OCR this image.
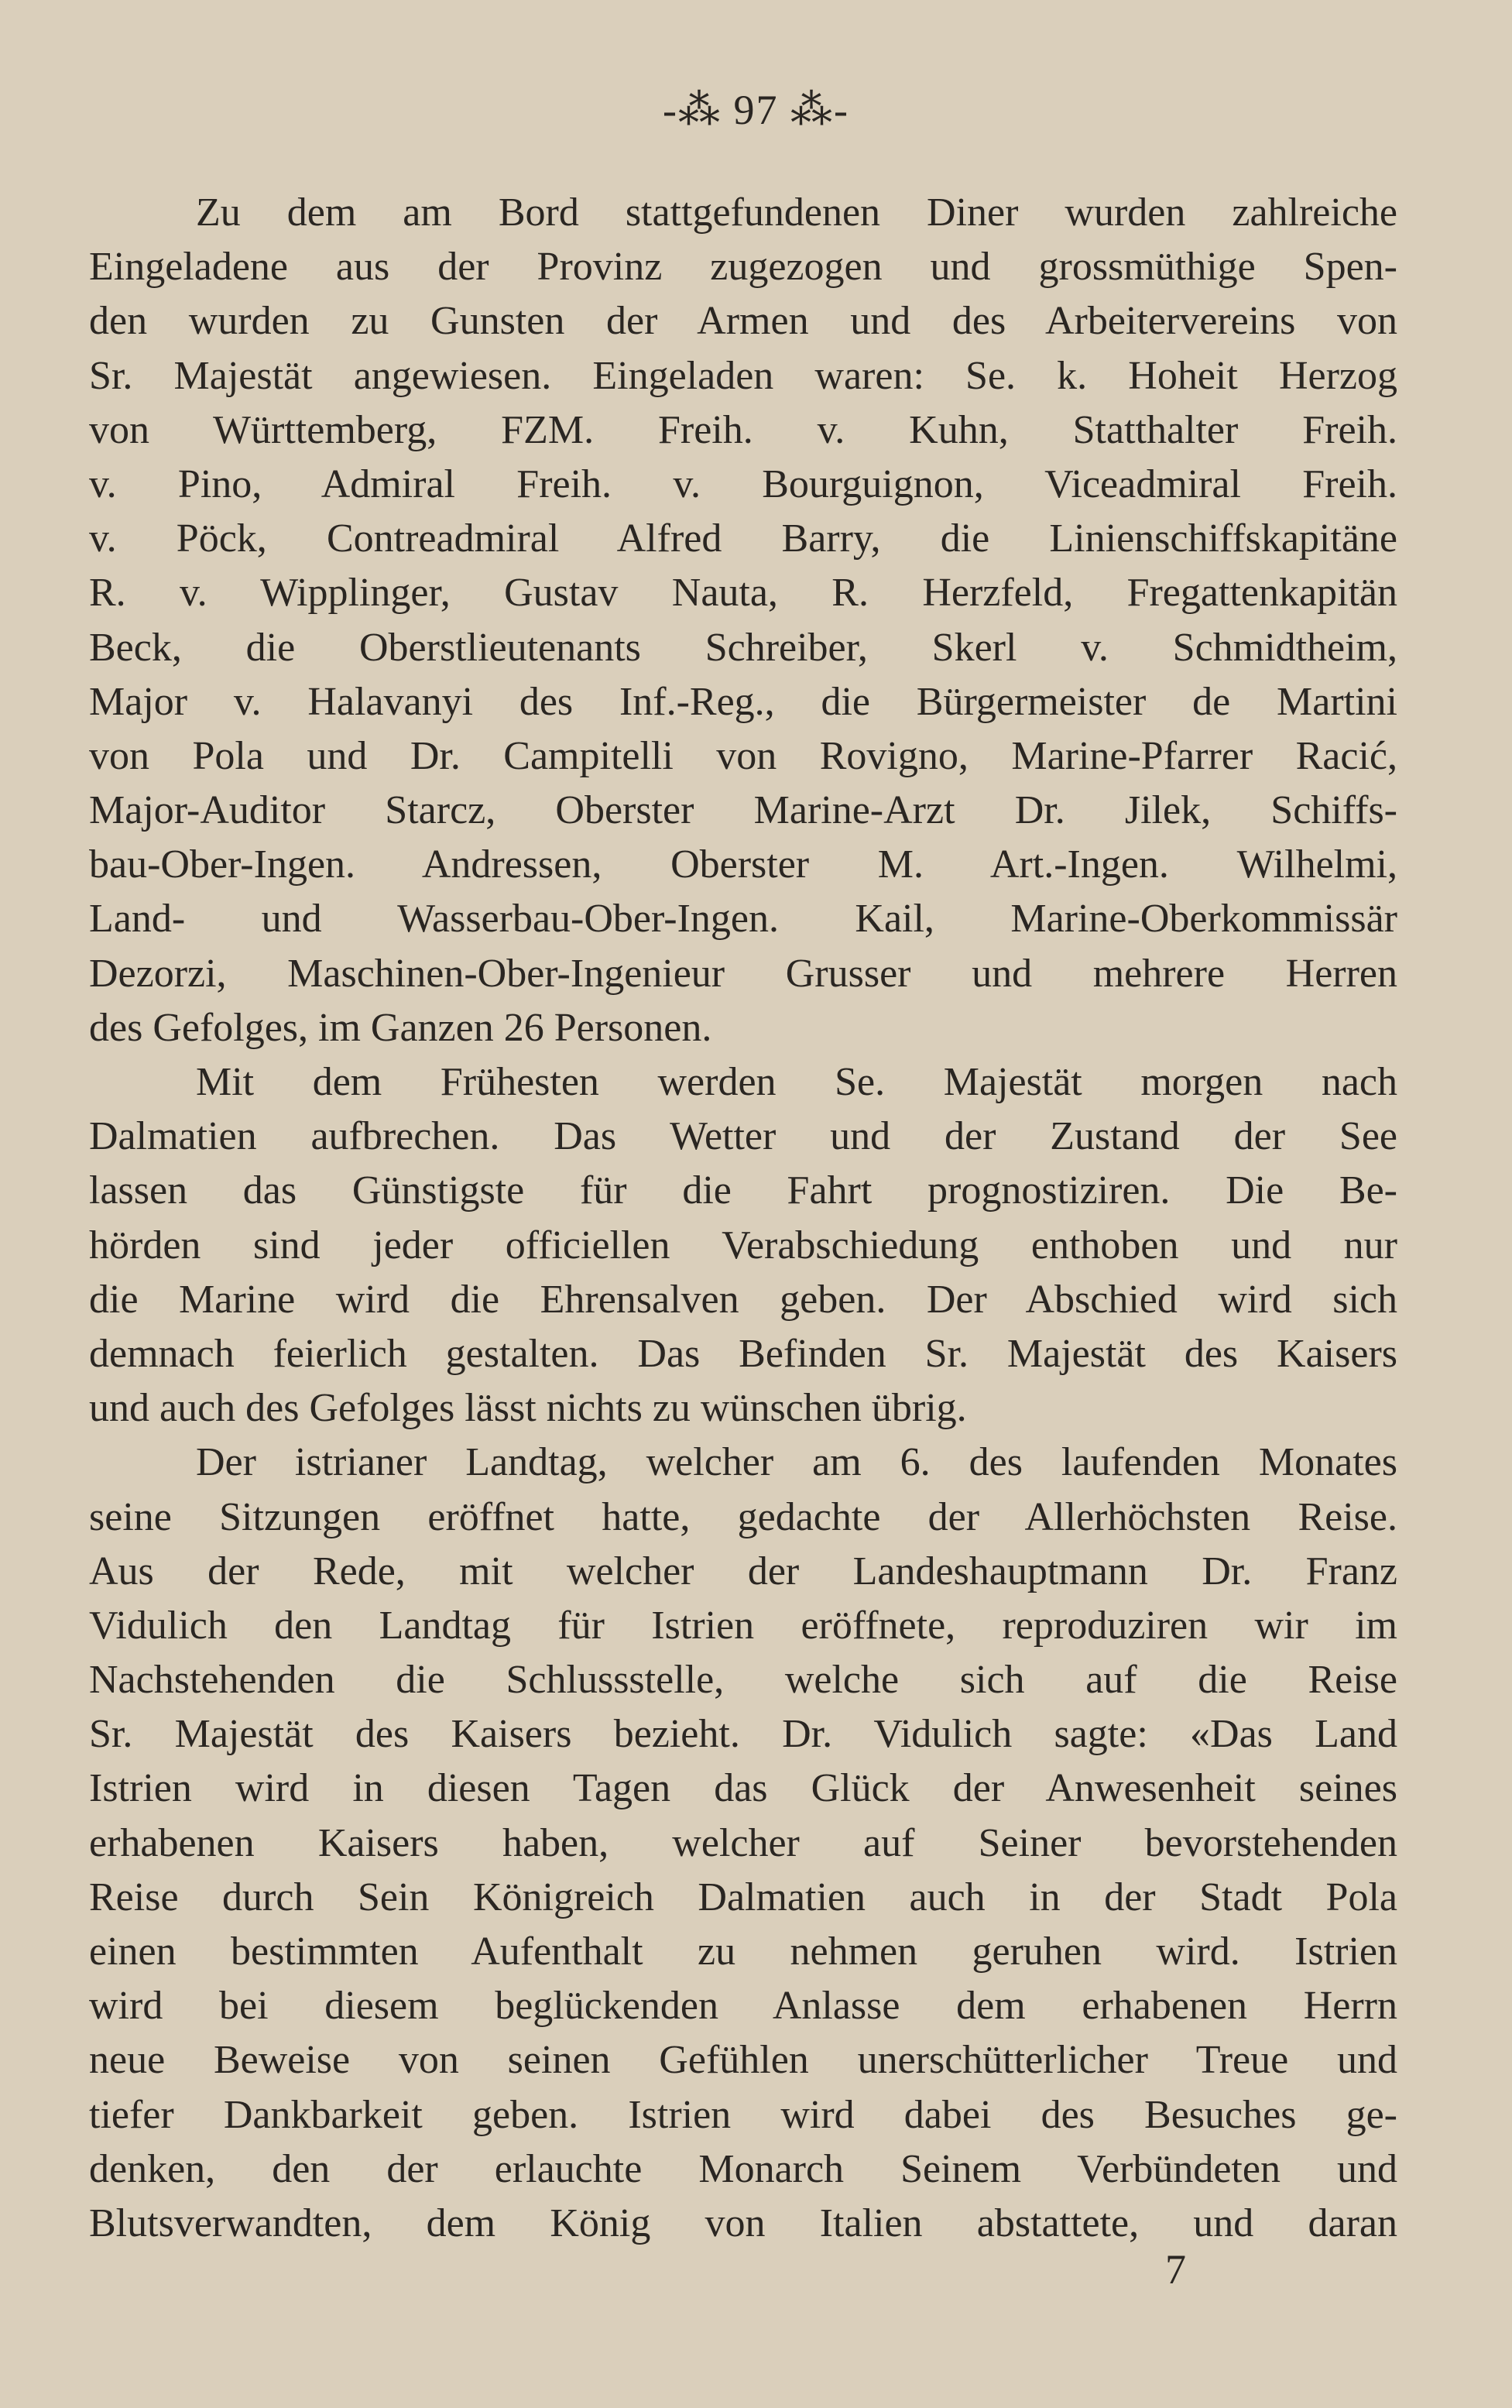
-⁂ 97 ⁂-
Zu dem am Bord stattgefundenen Diner wurden zahlreiche
Eingeladene aus der Provinz zugezogen und grossmüthige Spen-
den wurden zu Gunsten der Armen und des Arbeitervereins von
Sr. Majestät angewiesen. Eingeladen waren: Se. k. Hoheit Herzog
von Württemberg, FZM. Freih. v. Kuhn, Statthalter Freih.
v. Pino, Admiral Freih. v. Bourguignon, Viceadmiral Freih.
v. Pöck, Contreadmiral Alfred Barry, die Linienschiffskapitäne
R. v. Wipplinger, Gustav Nauta, R. Herzfeld, Fregattenkapitän
Beck, die Oberstlieutenants Schreiber, Skerl v. Schmidtheim,
Major v. Halavanyi des Inf.-Reg., die Bürgermeister de Martini
von Pola und Dr. Campitelli von Rovigno, Marine-Pfarrer Racić,
Major-Auditor Starcz, Oberster Marine-Arzt Dr. Jilek, Schiffs-
bau-Ober-Ingen. Andressen, Oberster M. Art.-Ingen. Wilhelmi,
Land- und Wasserbau-Ober-Ingen. Kail, Marine-Oberkommissär
Dezorzi, Maschinen-Ober-Ingenieur Grusser und mehrere Herren
des Gefolges, im Ganzen 26 Personen.
Mit dem Frühesten werden Se. Majestät morgen nach
Dalmatien aufbrechen. Das Wetter und der Zustand der See
lassen das Günstigste für die Fahrt prognostiziren. Die Be-
hörden sind jeder officiellen Verabschiedung enthoben und nur
die Marine wird die Ehrensalven geben. Der Abschied wird sich
demnach feierlich gestalten. Das Befinden Sr. Majestät des Kaisers
und auch des Gefolges lässt nichts zu wünschen übrig.
Der istrianer Landtag, welcher am 6. des laufenden Monates
seine Sitzungen eröffnet hatte, gedachte der Allerhöchsten Reise.
Aus der Rede, mit welcher der Landeshauptmann Dr. Franz
Vidulich den Landtag für Istrien eröffnete, reproduziren wir im
Nachstehenden die Schlussstelle, welche sich auf die Reise
Sr. Majestät des Kaisers bezieht. Dr. Vidulich sagte: «Das Land
Istrien wird in diesen Tagen das Glück der Anwesenheit seines
erhabenen Kaisers haben, welcher auf Seiner bevorstehenden
Reise durch Sein Königreich Dalmatien auch in der Stadt Pola
einen bestimmten Aufenthalt zu nehmen geruhen wird. Istrien
wird bei diesem beglückenden Anlasse dem erhabenen Herrn
neue Beweise von seinen Gefühlen unerschütterlicher Treue und
tiefer Dankbarkeit geben. Istrien wird dabei des Besuches ge-
denken, den der erlauchte Monarch Seinem Verbündeten und
Blutsverwandten, dem König von Italien abstattete, und daran
7
